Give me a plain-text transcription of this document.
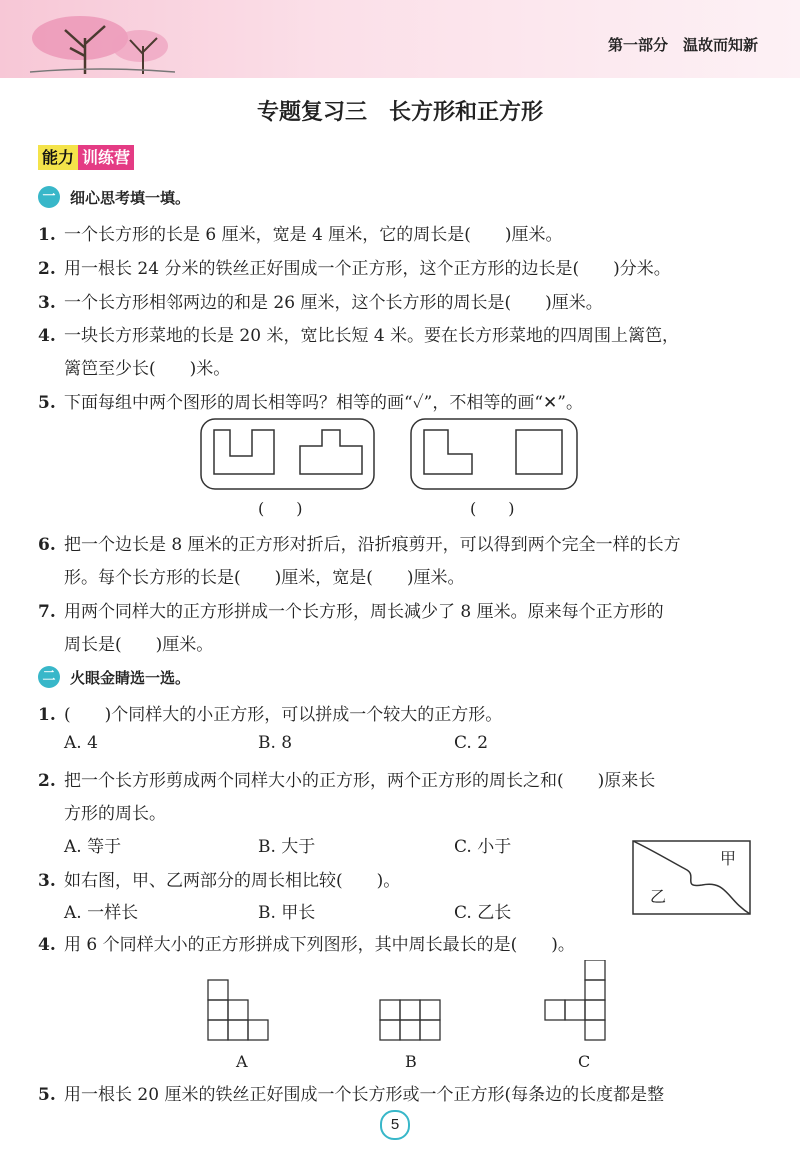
第一部分　温故而知新
专题复习三　长方形和正方形
能力 训练营
一 细心思考填一填。
1. 一个长方形的长是 6 厘米，宽是 4 厘米，它的周长是(　　)厘米。
2. 用一根长 24 分米的铁丝正好围成一个正方形，这个正方形的边长是(　　)分米。
3. 一个长方形相邻两边的和是 26 厘米，这个长方形的周长是(　　)厘米。
4. 一块长方形菜地的长是 20 米，宽比长短 4 米。要在长方形菜地的四周围上篱笆，
篱笆至少长(　　)米。
5. 下面每组中两个图形的周长相等吗？相等的画“✓”，不相等的画“✕”。
(　　)	(　　)
6. 把一个边长是 8 厘米的正方形对折后，沿折痕剪开，可以得到两个完全一样的长方
形。每个长方形的长是(　　)厘米，宽是(　　)厘米。
7. 用两个同样大的正方形拼成一个长方形，周长减少了 8 厘米。原来每个正方形的
周长是(　　)厘米。
二 火眼金睛选一选。
1. (　　)个同样大的小正方形，可以拼成一个较大的正方形。
A. 4	B. 8	C. 2
2. 把一个长方形剪成两个同样大小的正方形，两个正方形的周长之和(　　)原来长
方形的周长。
A. 等于	B. 大于	C. 小于
3. 如右图，甲、乙两部分的周长相比较(　　)。
A. 一样长	B. 甲长	C. 乙长
甲
乙
4. 用 6 个同样大小的正方形拼成下列图形，其中周长最长的是(　　)。
A	B	C
5. 用一根长 20 厘米的铁丝正好围成一个长方形或一个正方形(每条边的长度都是整
5
